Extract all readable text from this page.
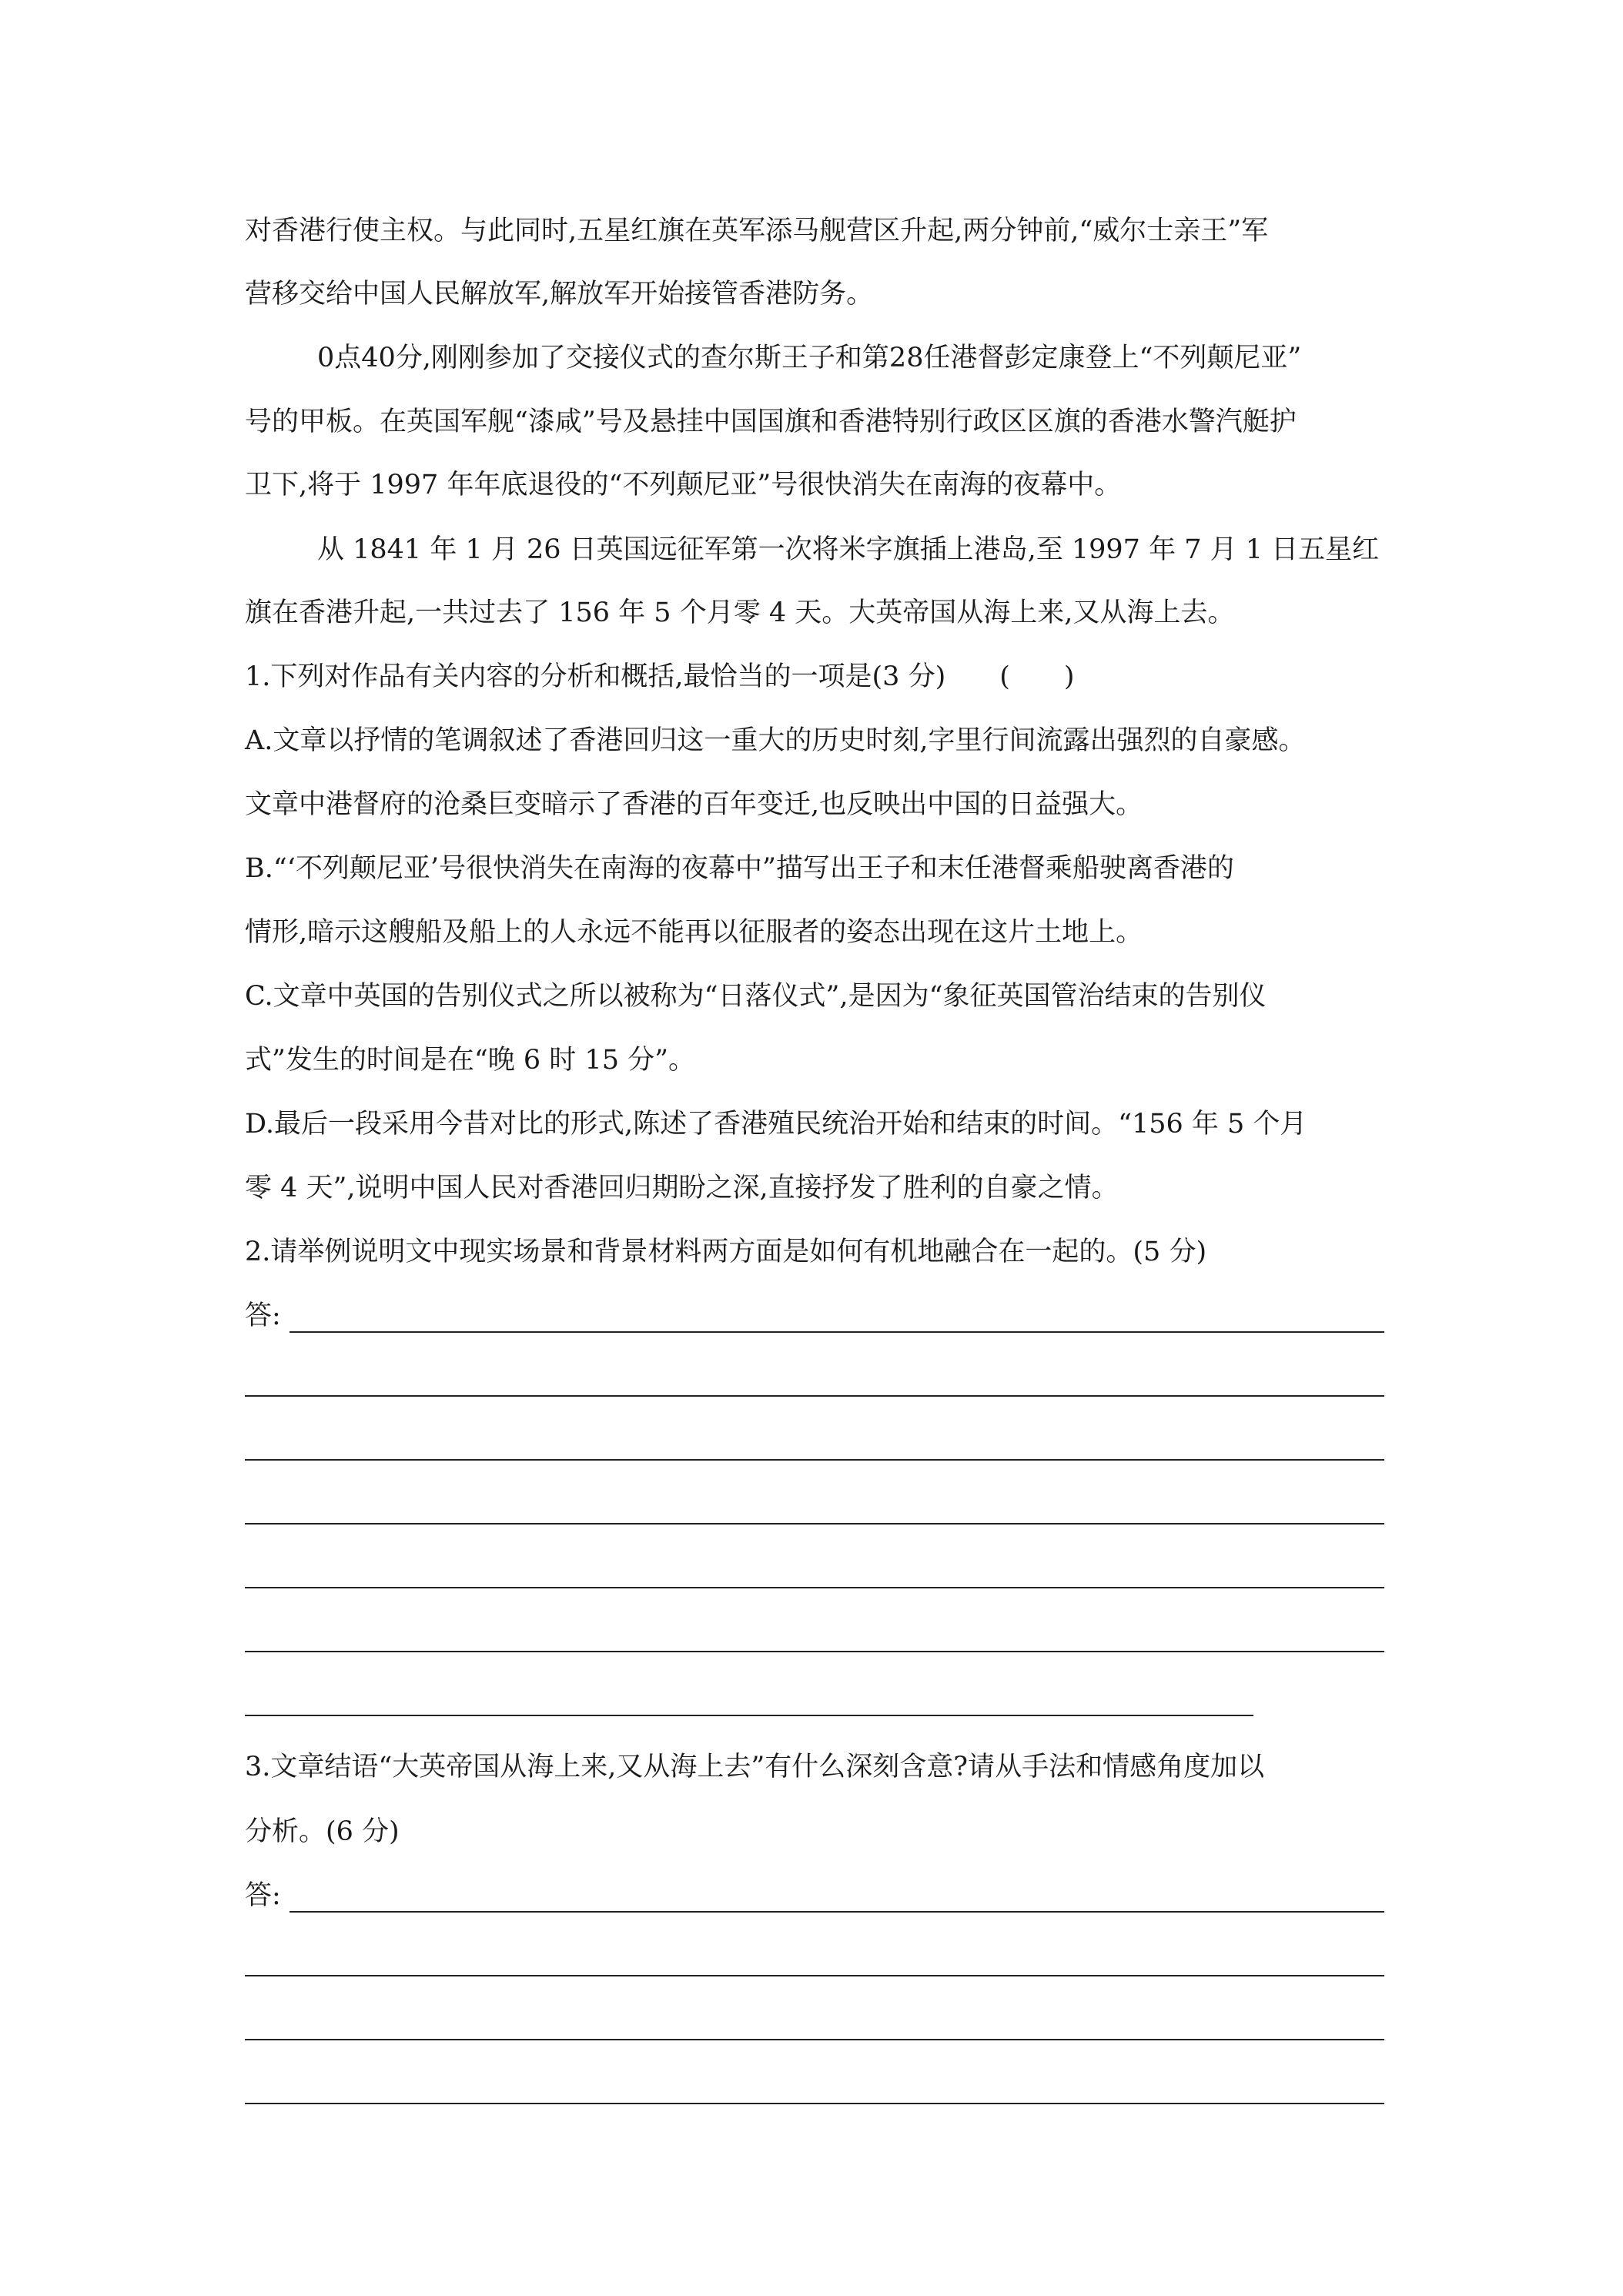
对香港行使主权。与此同时,五星红旗在英军添马舰营区升起,两分钟前,“威尔士亲王”军
营移交给中国人民解放军,解放军开始接管香港防务。
0点40分,刚刚参加了交接仪式的查尔斯王子和第28任港督彭定康登上“不列颠尼亚”
号的甲板。在英国军舰“漆咸”号及悬挂中国国旗和香港特别行政区区旗的香港水警汽艇护
卫下,将于 1997 年年底退役的“不列颠尼亚”号很快消失在南海的夜幕中。
从 1841 年 1 月 26 日英国远征军第一次将米字旗插上港岛,至 1997 年 7 月 1 日五星红
旗在香港升起,一共过去了 156 年 5 个月零 4 天。大英帝国从海上来,又从海上去。
1.下列对作品有关内容的分析和概括,最恰当的一项是(3 分)　　(　　)
A.文章以抒情的笔调叙述了香港回归这一重大的历史时刻,字里行间流露出强烈的自豪感。
文章中港督府的沧桑巨变暗示了香港的百年变迁,也反映出中国的日益强大。
B.“‘不列颠尼亚’号很快消失在南海的夜幕中”描写出王子和末任港督乘船驶离香港的
情形,暗示这艘船及船上的人永远不能再以征服者的姿态出现在这片土地上。
C.文章中英国的告别仪式之所以被称为“日落仪式”,是因为“象征英国管治结束的告别仪
式”发生的时间是在“晚 6 时 15 分”。
D.最后一段采用今昔对比的形式,陈述了香港殖民统治开始和结束的时间。“156 年 5 个月
零 4 天”,说明中国人民对香港回归期盼之深,直接抒发了胜利的自豪之情。
2.请举例说明文中现实场景和背景材料两方面是如何有机地融合在一起的。(5 分)
答:
3.文章结语“大英帝国从海上来,又从海上去”有什么深刻含意?请从手法和情感角度加以
分析。(6 分)
答:
